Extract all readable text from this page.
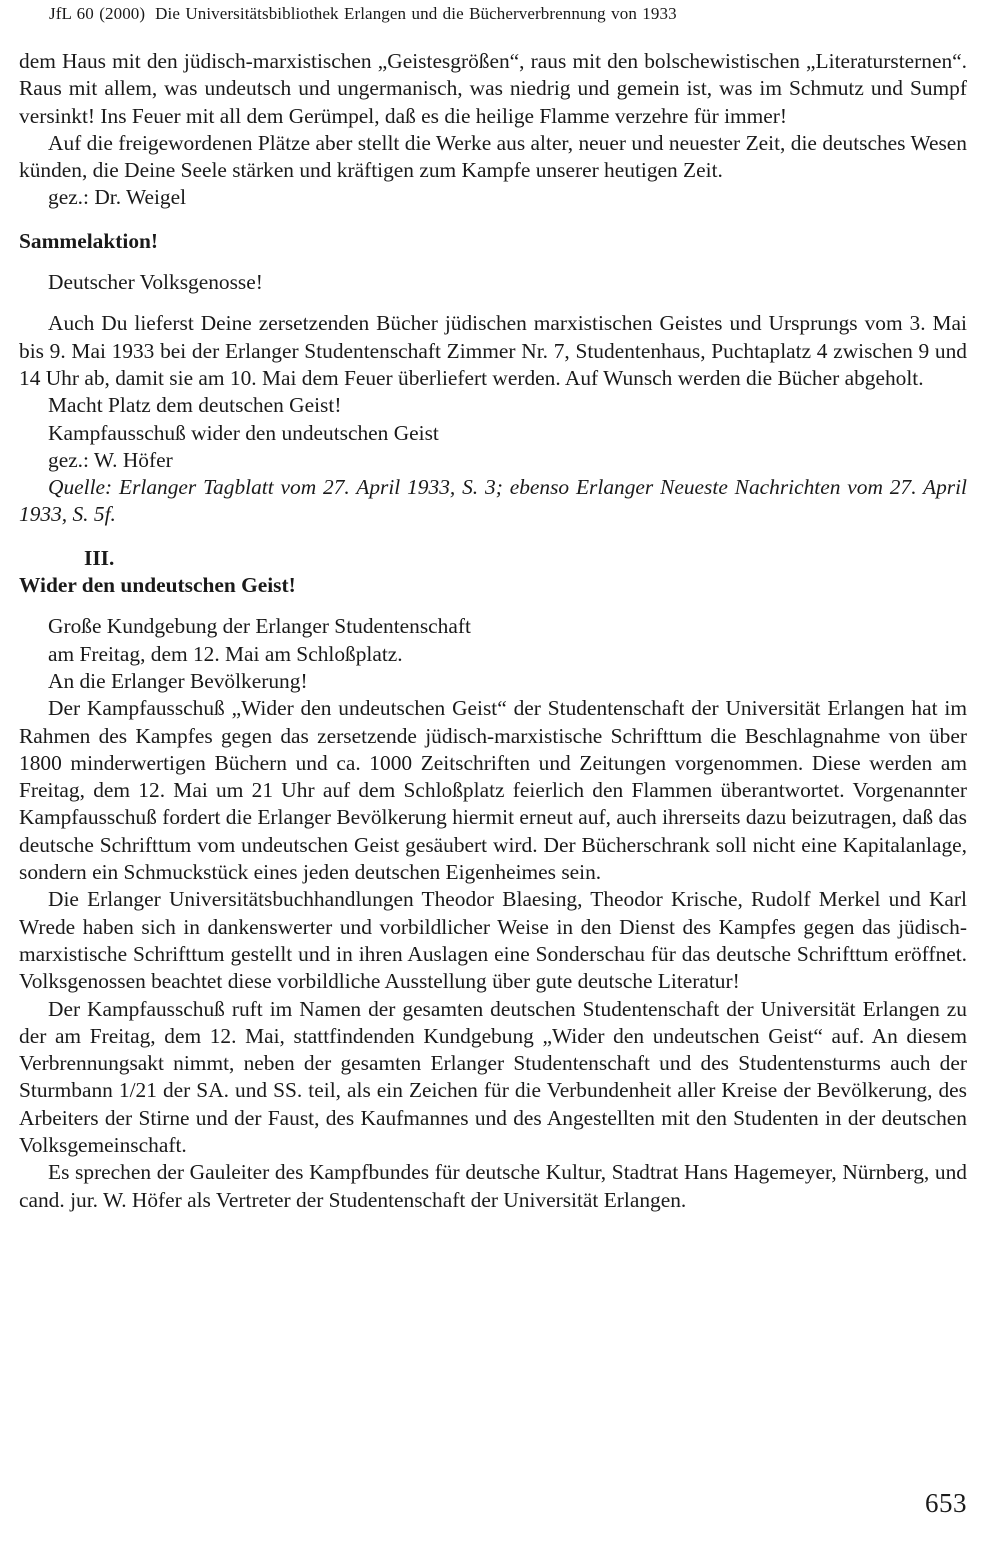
JfL 60 (2000) Die Universitätsbibliothek Erlangen und die Bücherverbrennung von 1933

dem Haus mit den jüdisch-marxistischen „Geistesgrößen“, raus mit den bolschewistischen „Literatursternen“. Raus mit allem, was undeutsch und ungermanisch, was niedrig und gemein ist, was im Schmutz und Sumpf versinkt! Ins Feuer mit all dem Gerümpel, daß es die heilige Flamme verzehre für immer!

Auf die freigewordenen Plätze aber stellt die Werke aus alter, neuer und neuester Zeit, die deutsches Wesen künden, die Deine Seele stärken und kräftigen zum Kampfe unserer heutigen Zeit.

gez.: Dr. Weigel

Sammelaktion!

Deutscher Volksgenosse!

Auch Du lieferst Deine zersetzenden Bücher jüdischen marxistischen Geistes und Ursprungs vom 3. Mai bis 9. Mai 1933 bei der Erlanger Studentenschaft Zimmer Nr. 7, Studentenhaus, Puchtaplatz 4 zwischen 9 und 14 Uhr ab, damit sie am 10. Mai dem Feuer überliefert werden. Auf Wunsch werden die Bücher abgeholt.

Macht Platz dem deutschen Geist!

Kampfausschuß wider den undeutschen Geist

gez.: W. Höfer

Quelle: Erlanger Tagblatt vom 27. April 1933, S. 3; ebenso Erlanger Neueste Nachrichten vom 27. April 1933, S. 5f.

III.

Wider den undeutschen Geist!

Große Kundgebung der Erlanger Studentenschaft

am Freitag, dem 12. Mai am Schloßplatz.

An die Erlanger Bevölkerung!

Der Kampfausschuß „Wider den undeutschen Geist“ der Studentenschaft der Universität Erlangen hat im Rahmen des Kampfes gegen das zersetzende jüdisch-marxistische Schrifttum die Beschlagnahme von über 1800 minderwertigen Büchern und ca. 1000 Zeitschriften und Zeitungen vorgenommen. Diese werden am Freitag, dem 12. Mai um 21 Uhr auf dem Schloßplatz feierlich den Flammen überantwortet. Vorgenannter Kampfausschuß fordert die Erlanger Bevölkerung hiermit erneut auf, auch ihrerseits dazu beizutragen, daß das deutsche Schrifttum vom undeutschen Geist gesäubert wird. Der Bücherschrank soll nicht eine Kapitalanlage, sondern ein Schmuckstück eines jeden deutschen Eigenheimes sein.

Die Erlanger Universitätsbuchhandlungen Theodor Blaesing, Theodor Krische, Rudolf Merkel und Karl Wrede haben sich in dankenswerter und vorbildlicher Weise in den Dienst des Kampfes gegen das jüdisch-marxistische Schrifttum gestellt und in ihren Auslagen eine Sonderschau für das deutsche Schrifttum eröffnet. Volksgenossen beachtet diese vorbildliche Ausstellung über gute deutsche Literatur!

Der Kampfausschuß ruft im Namen der gesamten deutschen Studentenschaft der Universität Erlangen zu der am Freitag, dem 12. Mai, stattfindenden Kundgebung „Wider den undeutschen Geist“ auf. An diesem Verbrennungsakt nimmt, neben der gesamten Erlanger Studentenschaft und des Studentensturms auch der Sturmbann 1/21 der SA. und SS. teil, als ein Zeichen für die Verbundenheit aller Kreise der Bevölkerung, des Arbeiters der Stirne und der Faust, des Kaufmannes und des Angestellten mit den Studenten in der deutschen Volksgemeinschaft.

Es sprechen der Gauleiter des Kampfbundes für deutsche Kultur, Stadtrat Hans Hagemeyer, Nürnberg, und cand. jur. W. Höfer als Vertreter der Studentenschaft der Universität Erlangen.

653
